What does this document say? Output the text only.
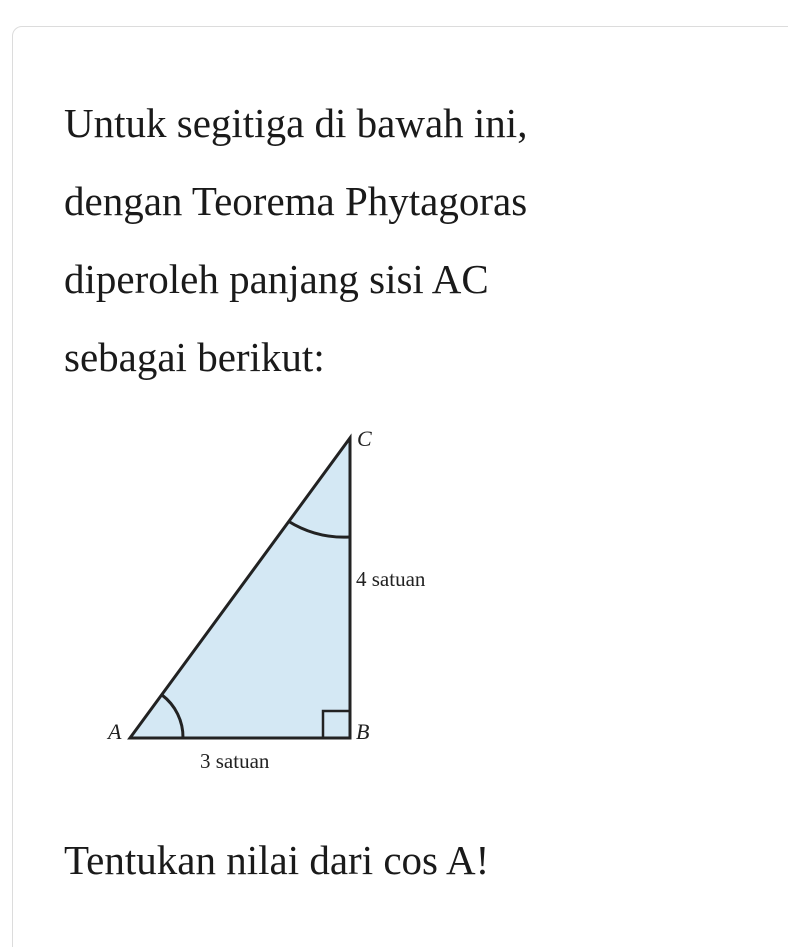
Untuk segitiga di bawah ini,
dengan Teorema Phytagoras
diperoleh panjang sisi AC
sebagai berikut:

C
A	B
4 satuan
3 satuan

Tentukan nilai dari cos A!
